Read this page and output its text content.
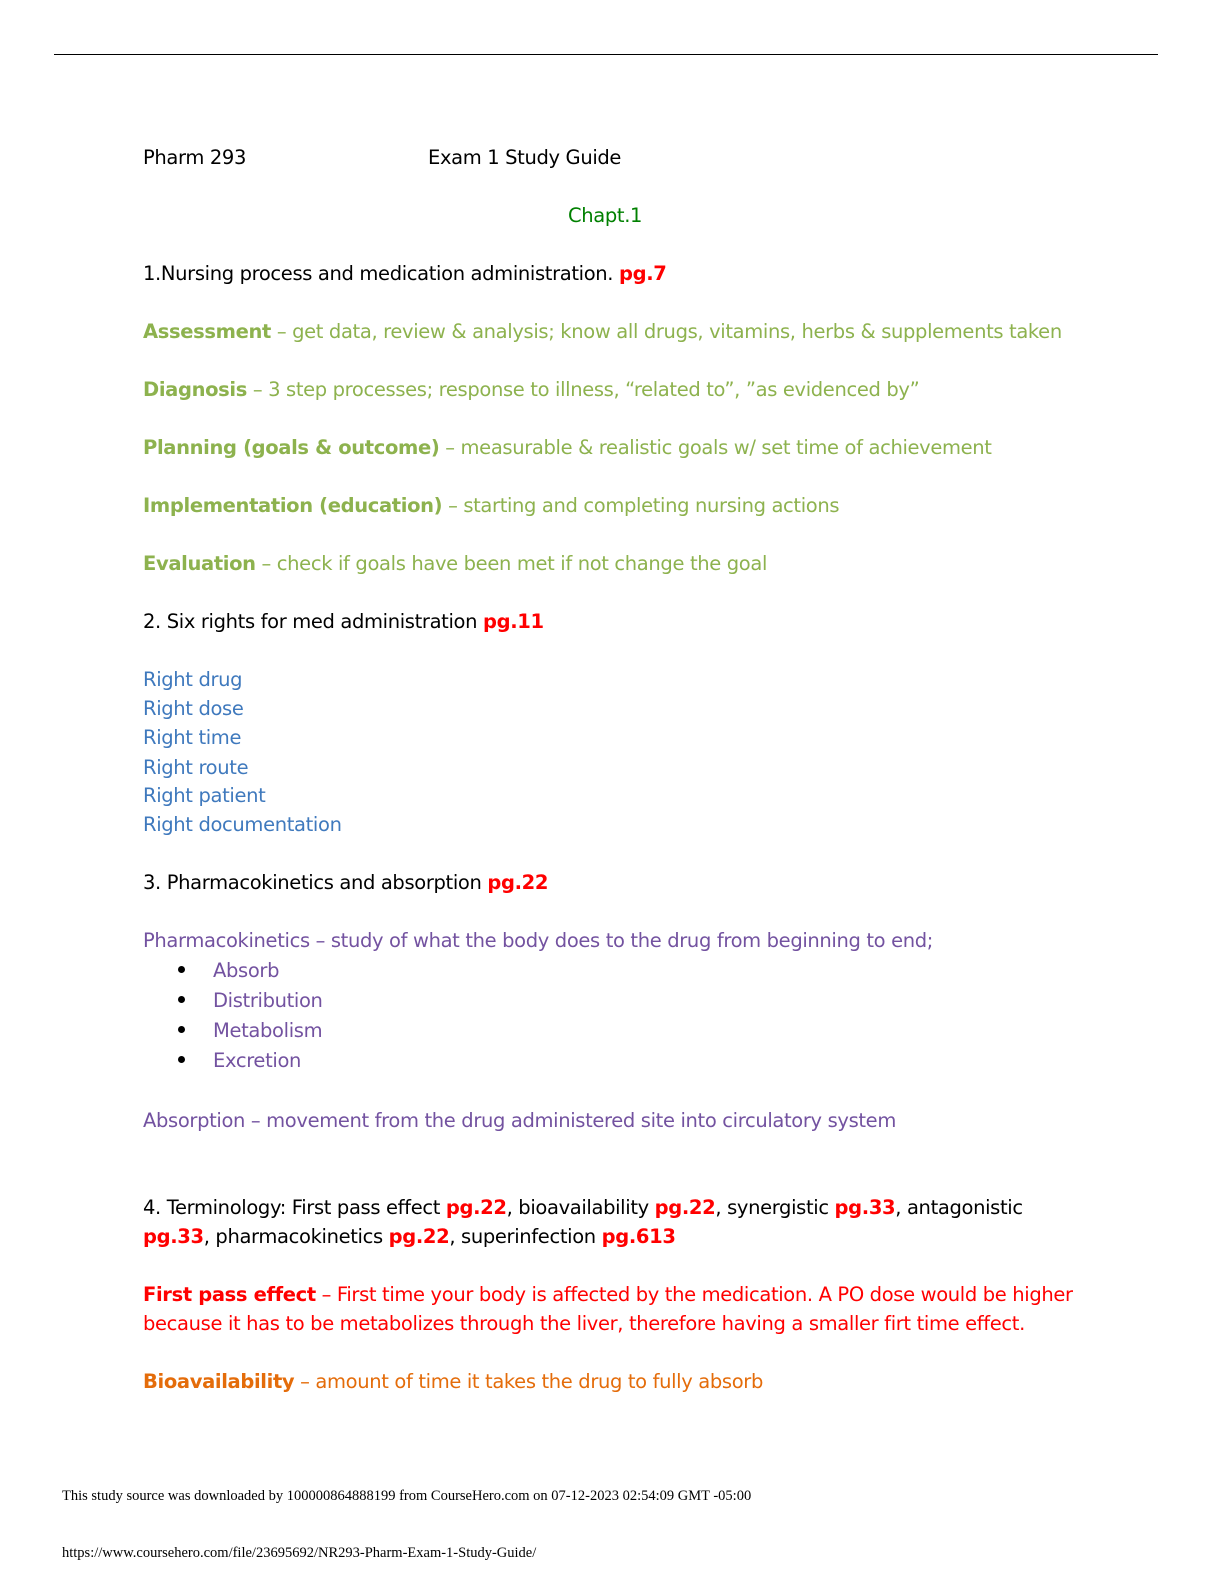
Pharm 293	Exam 1 Study Guide
Chapt.1
1.Nursing process and medication administration. pg.7
Assessment – get data, review & analysis; know all drugs, vitamins, herbs & supplements taken
Diagnosis – 3 step processes; response to illness, “related to”, ”as evidenced by”
Planning (goals & outcome) – measurable & realistic goals w/ set time of achievement
Implementation (education) – starting and completing nursing actions
Evaluation – check if goals have been met if not change the goal
2. Six rights for med administration pg.11
Right drug
Right dose
Right time
Right route
Right patient
Right documentation
3. Pharmacokinetics and absorption pg.22
Pharmacokinetics – study of what the body does to the drug from beginning to end;
Absorb
Distribution
Metabolism
Excretion
Absorption – movement from the drug administered site into circulatory system
4. Terminology: First pass effect pg.22, bioavailability pg.22, synergistic pg.33, antagonistic
pg.33, pharmacokinetics pg.22, superinfection pg.613
First pass effect – First time your body is affected by the medication. A PO dose would be higher
because it has to be metabolizes through the liver, therefore having a smaller firt time effect.
Bioavailability – amount of time it takes the drug to fully absorb
This study source was downloaded by 100000864888199 from CourseHero.com on 07-12-2023 02:54:09 GMT -05:00
https://www.coursehero.com/file/23695692/NR293-Pharm-Exam-1-Study-Guide/
